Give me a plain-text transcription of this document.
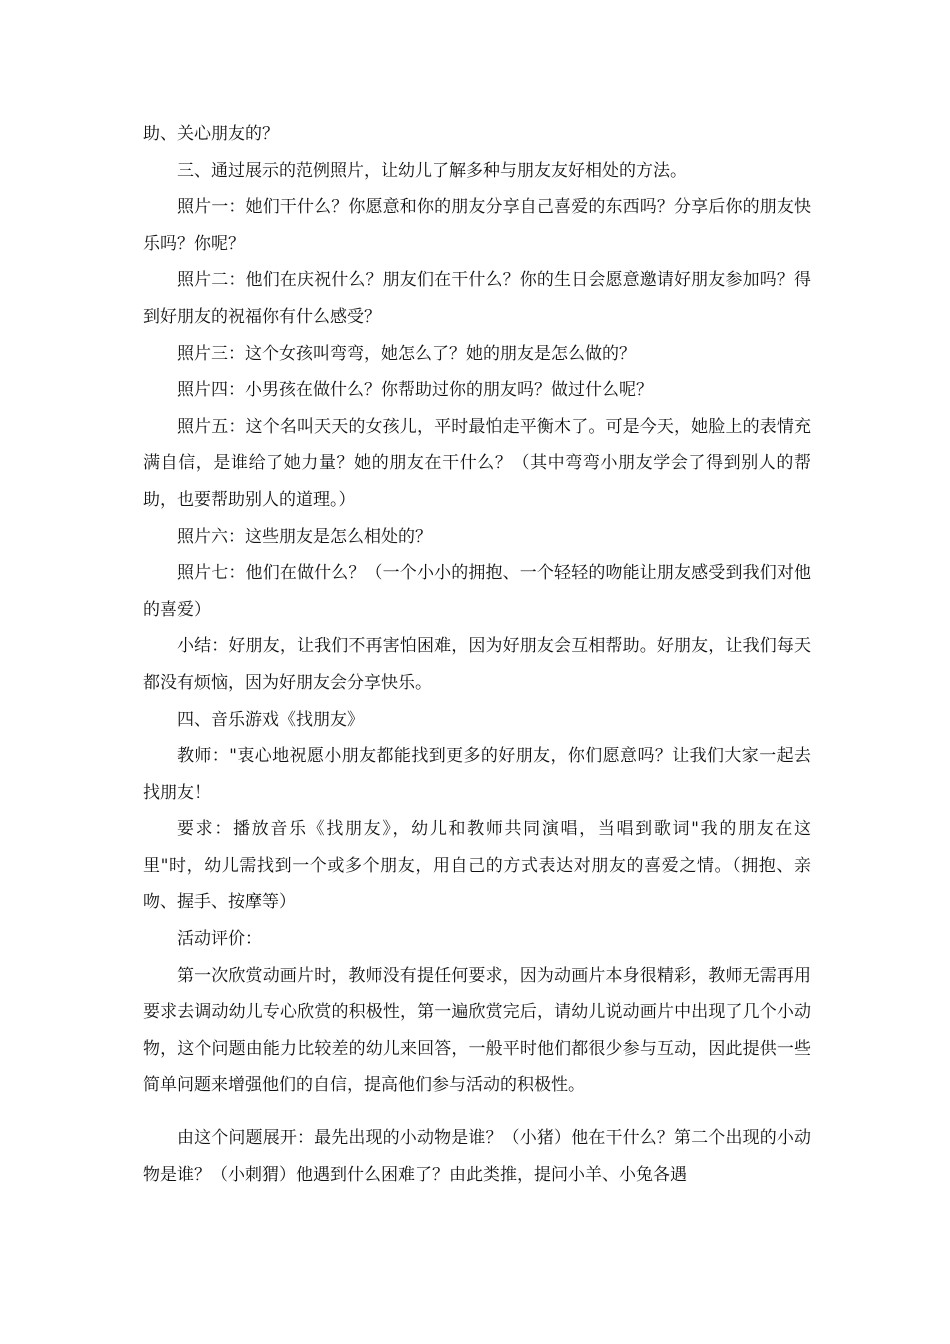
助、关心朋友的？

三、通过展示的范例照片，让幼儿了解多种与朋友友好相处的方法。

照片一：她们干什么？你愿意和你的朋友分享自己喜爱的东西吗？分享后你的朋友快乐吗？你呢？

照片二：他们在庆祝什么？朋友们在干什么？你的生日会愿意邀请好朋友参加吗？得到好朋友的祝福你有什么感受？

照片三：这个女孩叫弯弯，她怎么了？她的朋友是怎么做的？

照片四：小男孩在做什么？你帮助过你的朋友吗？做过什么呢？

照片五：这个名叫天天的女孩儿，平时最怕走平衡木了。可是今天，她脸上的表情充满自信，是谁给了她力量？她的朋友在干什么？（其中弯弯小朋友学会了得到别人的帮助，也要帮助别人的道理。）

照片六：这些朋友是怎么相处的？

照片七：他们在做什么？（一个小小的拥抱、一个轻轻的吻能让朋友感受到我们对他的喜爱）

小结：好朋友，让我们不再害怕困难，因为好朋友会互相帮助。好朋友，让我们每天都没有烦恼，因为好朋友会分享快乐。

四、音乐游戏《找朋友》

教师："衷心地祝愿小朋友都能找到更多的好朋友，你们愿意吗？让我们大家一起去找朋友！

要求：播放音乐《找朋友》，幼儿和教师共同演唱，当唱到歌词"我的朋友在这里"时，幼儿需找到一个或多个朋友，用自己的方式表达对朋友的喜爱之情。（拥抱、亲吻、握手、按摩等）

活动评价：

第一次欣赏动画片时，教师没有提任何要求，因为动画片本身很精彩，教师无需再用要求去调动幼儿专心欣赏的积极性，第一遍欣赏完后，请幼儿说动画片中出现了几个小动物，这个问题由能力比较差的幼儿来回答，一般平时他们都很少参与互动，因此提供一些简单问题来增强他们的自信，提高他们参与活动的积极性。

由这个问题展开：最先出现的小动物是谁？（小猪）他在干什么？第二个出现的小动物是谁？（小刺猬）他遇到什么困难了？由此类推，提问小羊、小兔各遇
